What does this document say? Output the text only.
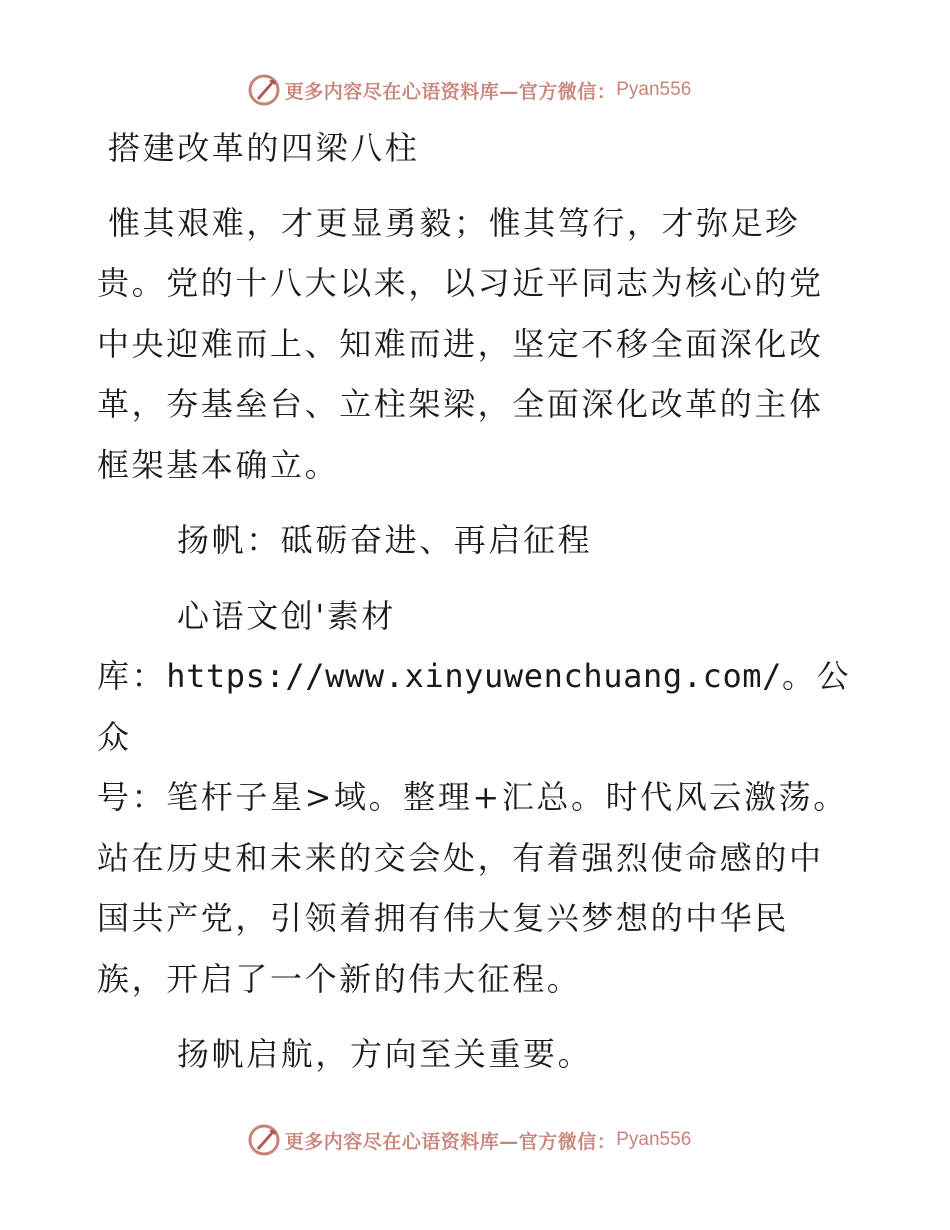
更多内容尽在心语资料库—官方微信： Pyan556

搭建改革的四梁八柱

惟其艰难，才更显勇毅；惟其笃行，才弥足珍贵。党的十八大以来，以习近平同志为核心的党中央迎难而上、知难而进，坚定不移全面深化改革，夯基垒台、立柱架梁，全面深化改革的主体框架基本确立。

扬帆：砥砺奋进、再启征程

心语文创'素材

库：https://www.xinyuwenchuang.com/。公众

号：笔杆子星>域。整理+汇总。时代风云激荡。站在历史和未来的交会处，有着强烈使命感的中国共产党，引领着拥有伟大复兴梦想的中华民族，开启了一个新的伟大征程。

扬帆启航，方向至关重要。

更多内容尽在心语资料库—官方微信： Pyan556
